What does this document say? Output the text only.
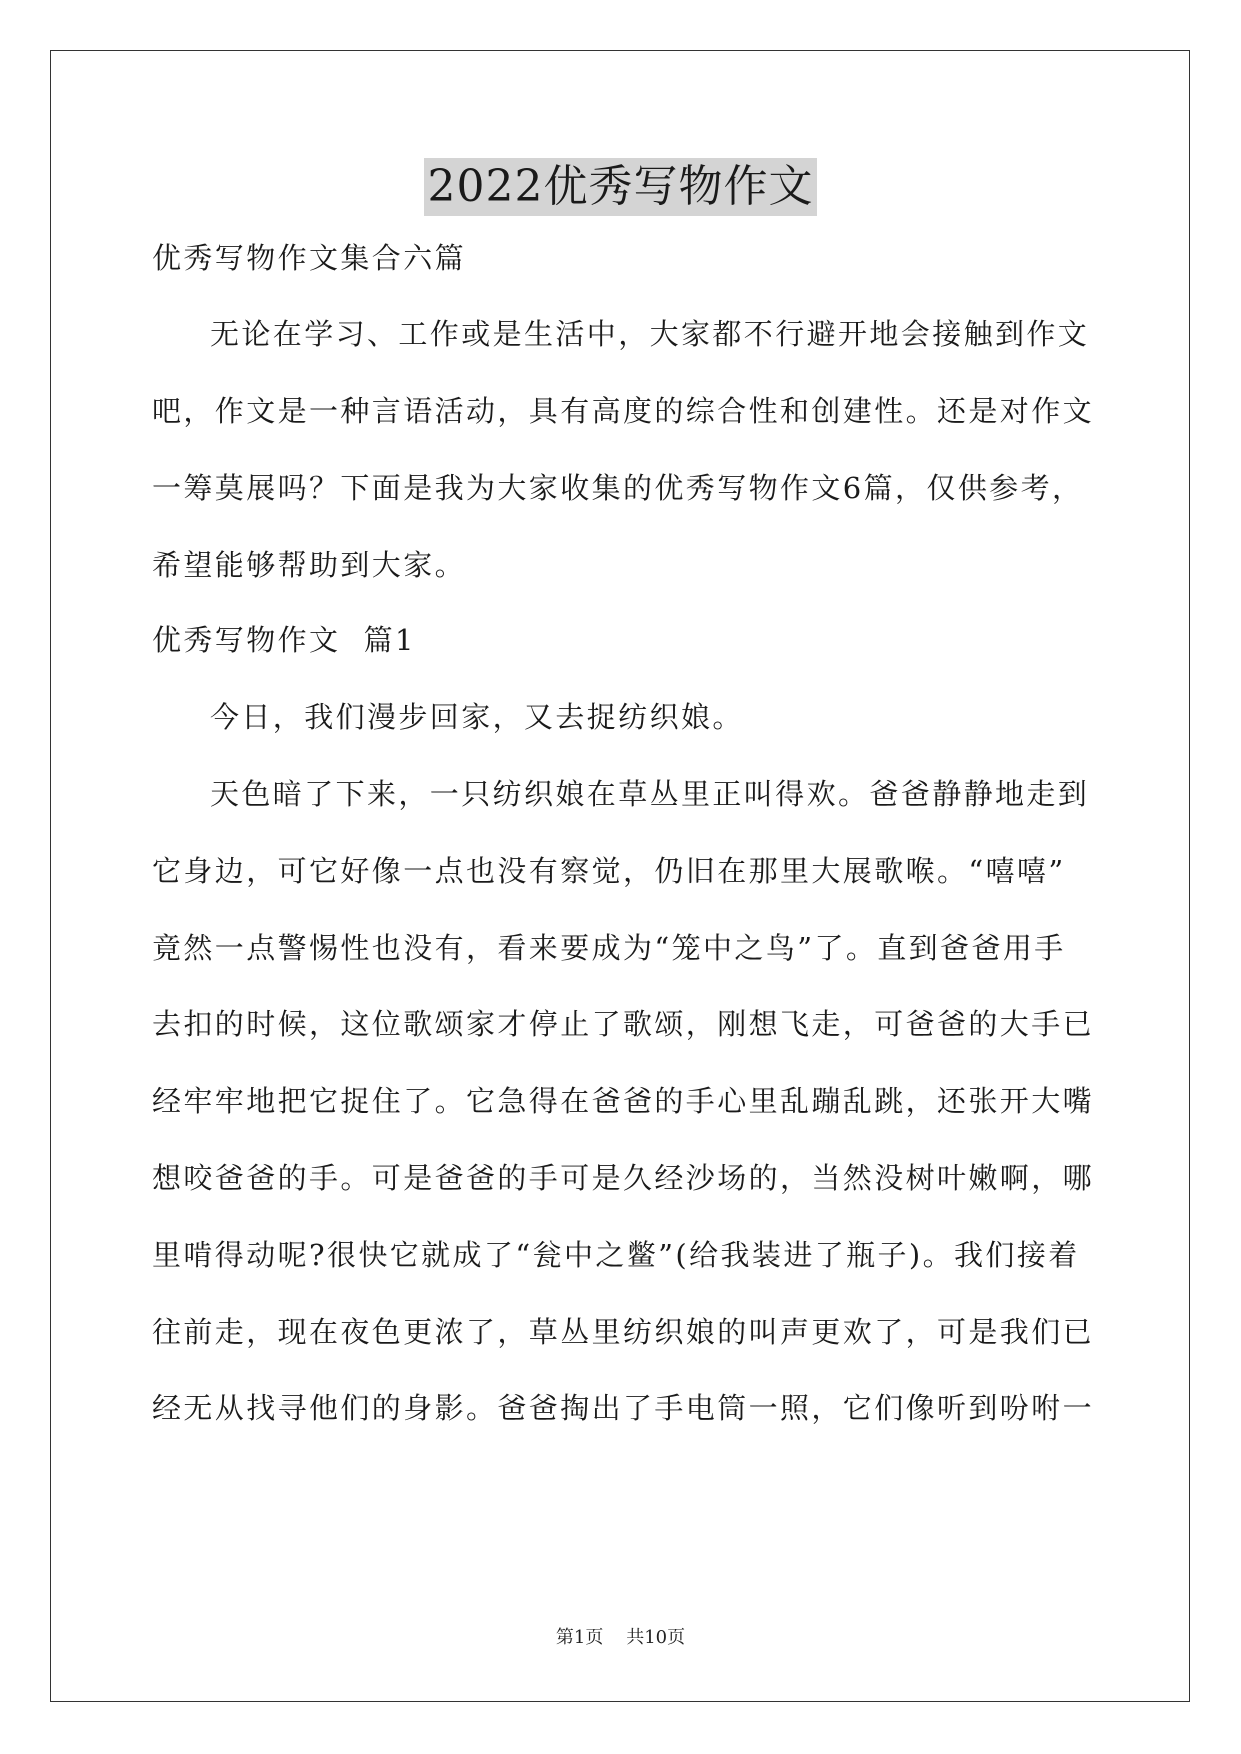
2022优秀写物作文
优秀写物作文集合六篇
无论在学习、工作或是生活中，大家都不行避开地会接触到作文
吧，作文是一种言语活动，具有高度的综合性和创建性。还是对作文
一筹莫展吗？下面是我为大家收集的优秀写物作文6篇，仅供参考，
希望能够帮助到大家。
优秀写物作文  篇1
今日，我们漫步回家，又去捉纺织娘。
天色暗了下来，一只纺织娘在草丛里正叫得欢。爸爸静静地走到
它身边，可它好像一点也没有察觉，仍旧在那里大展歌喉。“嘻嘻”
竟然一点警惕性也没有，看来要成为“笼中之鸟”了。直到爸爸用手
去扣的时候，这位歌颂家才停止了歌颂，刚想飞走，可爸爸的大手已
经牢牢地把它捉住了。它急得在爸爸的手心里乱蹦乱跳，还张开大嘴
想咬爸爸的手。可是爸爸的手可是久经沙场的，当然没树叶嫩啊，哪
里啃得动呢?很快它就成了“瓮中之鳖”(给我装进了瓶子)。我们接着
往前走，现在夜色更浓了，草丛里纺织娘的叫声更欢了，可是我们已
经无从找寻他们的身影。爸爸掏出了手电筒一照，它们像听到吩咐一
第1页    共10页
